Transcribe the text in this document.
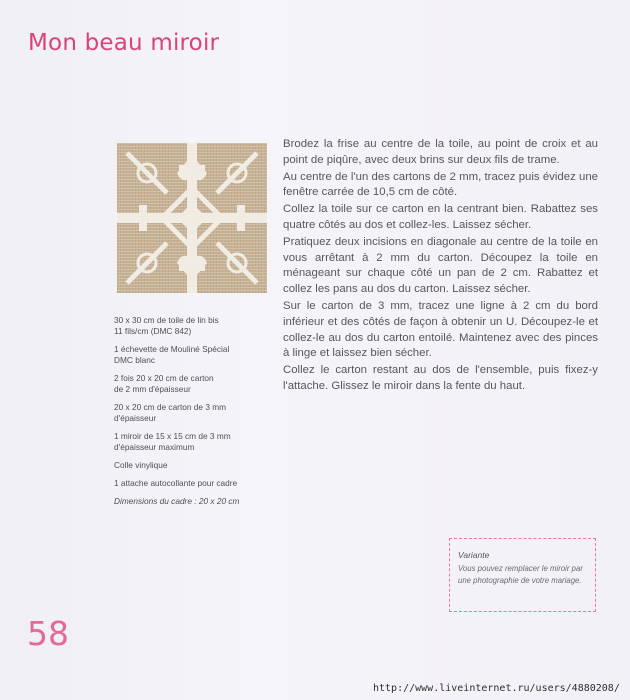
Mon beau miroir
30 x 30 cm de toile de lin bis
11 fils/cm (DMC 842)
1 échevette de Mouliné Spécial
DMC blanc
2 fois 20 x 20 cm de carton
de 2 mm d'épaisseur
20 x 20 cm de carton de 3 mm
d'épaisseur
1 miroir de 15 x 15 cm de 3 mm
d'épaisseur maximum
Colle vinylique
1 attache autocollante pour cadre
Dimensions du cadre : 20 x 20 cm

Brodez la frise au centre de la toile, au point de croix et au point de piqûre, avec deux brins sur deux fils de trame.

Au centre de l'un des cartons de 2 mm, tracez puis évidez une fenêtre carrée de 10,5 cm de côté.

Collez la toile sur ce carton en la centrant bien. Rabattez ses quatre côtés au dos et collez-les. Laissez sécher.

Pratiquez deux incisions en diagonale au centre de la toile en vous arrêtant à 2 mm du carton. Découpez la toile en ménageant sur chaque côté un pan de 2 cm. Rabattez et collez les pans au dos du carton. Laissez sécher.

Sur le carton de 3 mm, tracez une ligne à 2 cm du bord inférieur et des côtés de façon à obtenir un U. Découpez-le et collez-le au dos du carton entoilé. Maintenez avec des pinces à linge et laissez bien sécher.

Collez le carton restant au dos de l'ensemble, puis fixez-y l'attache. Glissez le miroir dans la fente du haut.

Variante
Vous pouvez remplacer le miroir par une photographie de votre mariage.
58
http://www.liveinternet.ru/users/4880208/
